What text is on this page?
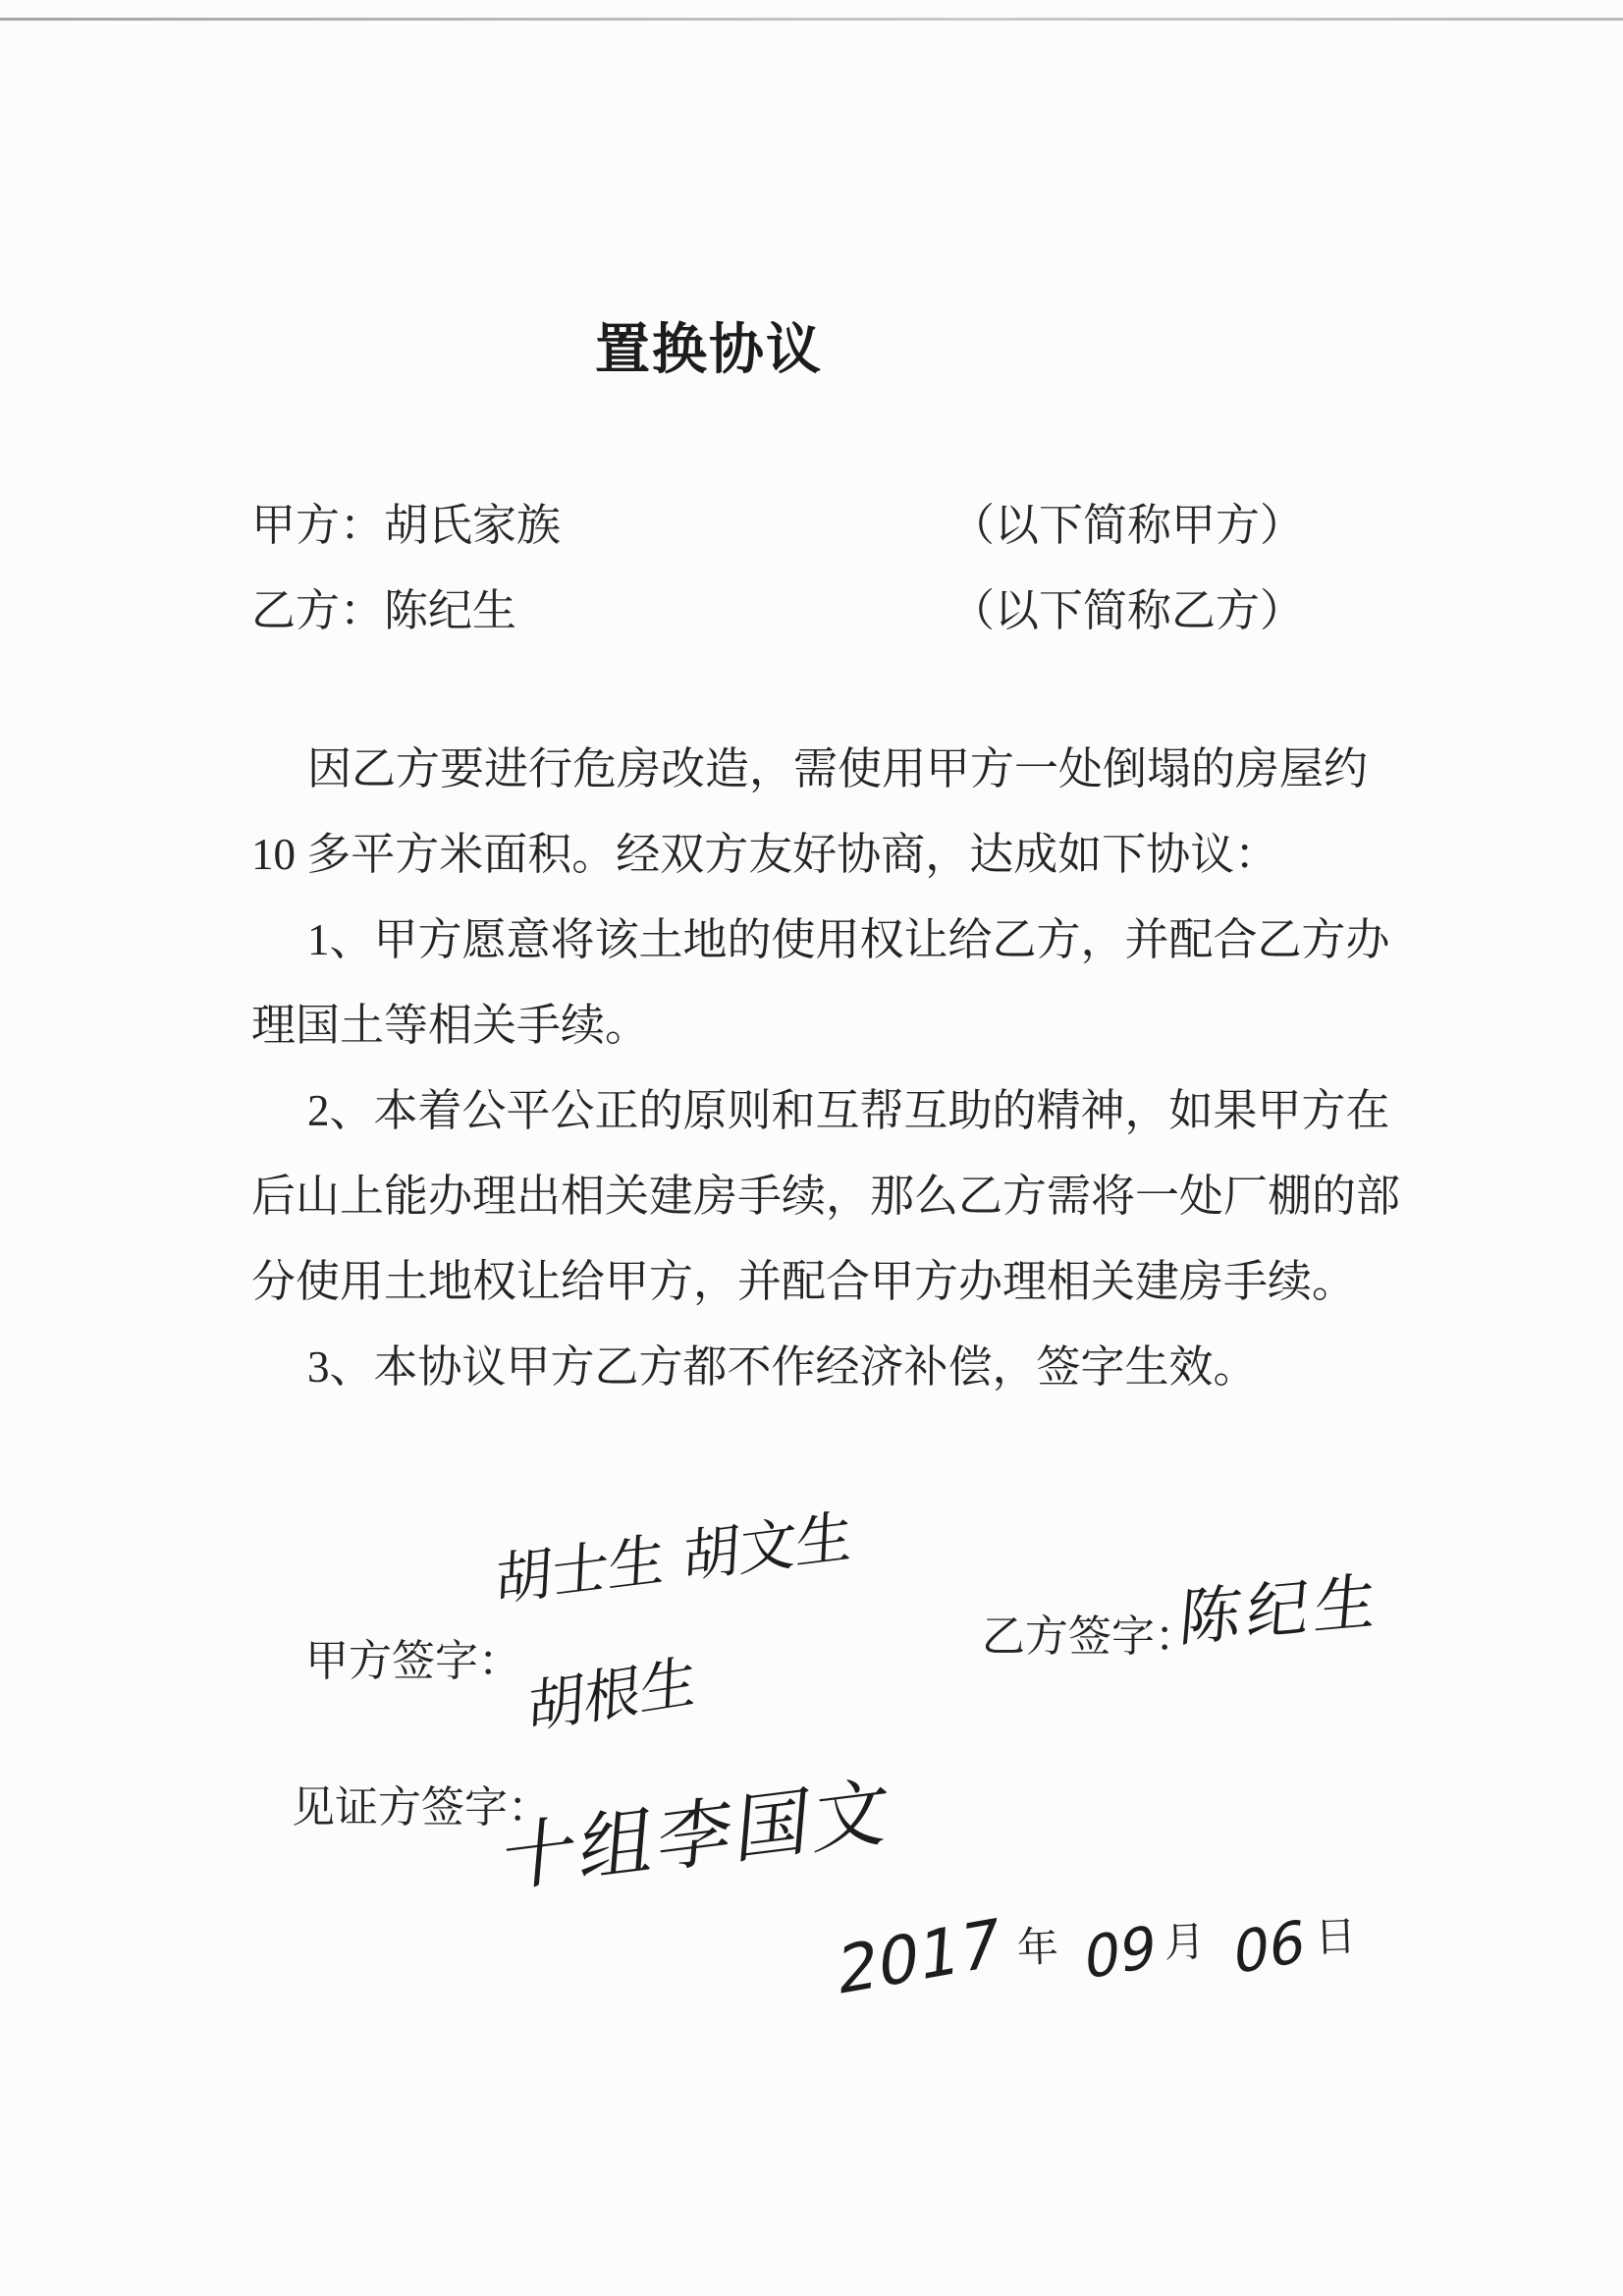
置换协议
甲方：胡氏家族	（以下简称甲方）
乙方：陈纪生	（以下简称乙方）
因乙方要进行危房改造，需使用甲方一处倒塌的房屋约
10 多平方米面积。经双方友好协商，达成如下协议：
1、甲方愿意将该土地的使用权让给乙方，并配合乙方办
理国土等相关手续。
2、本着公平公正的原则和互帮互助的精神，如果甲方在
后山上能办理出相关建房手续，那么乙方需将一处厂棚的部
分使用土地权让给甲方，并配合甲方办理相关建房手续。
3、本协议甲方乙方都不作经济补偿，签字生效。
甲方签字：
胡士生 胡文生
胡根生
乙方签字：
陈纪生
见证方签字：
十组李国文
2017 年 09 月 06 日
